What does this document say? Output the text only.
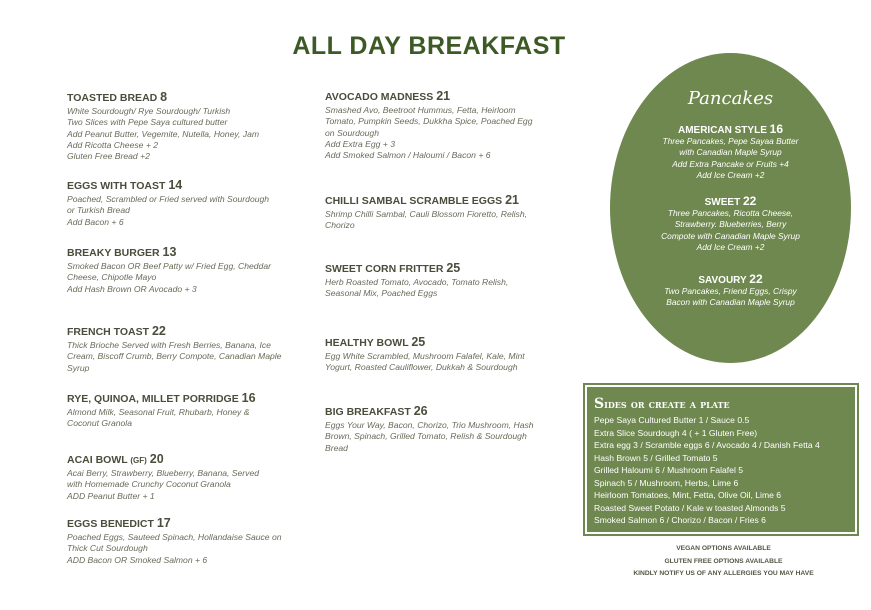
ALL DAY BREAKFAST
TOASTED BREAD 8
White Sourdough/ Rye Sourdough/ Turkish
Two Slices with Pepe Saya cultured butter
Add Peanut Butter, Vegemite, Nutella, Honey, Jam
Add Ricotta Cheese + 2
Gluten Free Bread +2
EGGS WITH TOAST 14
Poached, Scrambled or Fried served with Sourdough
or Turkish Bread
Add Bacon + 6
BREAKY BURGER 13
Smoked Bacon OR Beef Patty w/ Fried Egg, Cheddar
Cheese, Chipotle Mayo
Add Hash Brown OR Avocado + 3
FRENCH TOAST 22
Thick Brioche Served with Fresh Berries, Banana, Ice
Cream, Biscoff Crumb, Berry Compote, Canadian Maple
Syrup
RYE, QUINOA, MILLET PORRIDGE 16
Almond Milk, Seasonal Fruit, Rhubarb, Honey &
Coconut Granola
ACAI BOWL (GF) 20
Acai Berry, Strawberry, Blueberry, Banana, Served
with Homemade Crunchy Coconut Granola
ADD Peanut Butter + 1
EGGS BENEDICT 17
Poached Eggs, Sauteed Spinach, Hollandaise Sauce on
Thick Cut Sourdough
ADD Bacon OR Smoked Salmon + 6
AVOCADO MADNESS 21
Smashed Avo, Beetroot Hummus, Fetta, Heirloom
Tomato, Pumpkin Seeds, Dukkha Spice, Poached Egg
on Sourdough
Add Extra Egg + 3
Add Smoked Salmon / Haloumi / Bacon + 6
CHILLI SAMBAL SCRAMBLE EGGS 21
Shrimp Chilli Sambal, Cauli Blossom Fioretto, Relish,
Chorizo
SWEET CORN FRITTER 25
Herb Roasted Tomato, Avocado, Tomato Relish,
Seasonal Mix, Poached Eggs
HEALTHY BOWL 25
Egg White Scrambled, Mushroom Falafel, Kale, Mint
Yogurt, Roasted Cauliflower, Dukkah & Sourdough
BIG BREAKFAST 26
Eggs Your Way, Bacon, Chorizo, Trio Mushroom, Hash
Brown, Spinach, Grilled Tomato, Relish & Sourdough
Bread
Pancakes
AMERICAN STYLE 16
Three Pancakes, Pepe Sayaa Butter
with Canadian Maple Syrup
Add Extra Pancake or Fruits +4
Add Ice Cream +2
SWEET 22
Three Pancakes, Ricotta Cheese,
Strawberry. Blueberries, Berry
Compote with Canadian Maple Syrup
Add Ice Cream +2
SAVOURY 22
Two Pancakes, Friend Eggs, Crispy
Bacon with Canadian Maple Syrup
Sides or create a plate
Pepe Saya Cultured Butter 1 / Sauce 0.5
Extra Slice Sourdough 4 ( + 1 Gluten Free)
Extra egg 3 / Scramble eggs 6 / Avocado 4 / Danish Fetta 4
Hash Brown 5 / Grilled Tomato 5
Grilled Haloumi 6 / Mushroom Falafel 5
Spinach 5 / Mushroom, Herbs, Lime 6
Heirloom Tomatoes, Mint, Fetta, Olive Oil, Lime 6
Roasted Sweet Potato / Kale w toasted Almonds 5
Smoked Salmon 6 / Chorizo / Bacon / Fries 6
VEGAN OPTIONS AVAILABLE
GLUTEN FREE OPTIONS AVAILABLE
KINDLY NOTIFY US OF ANY ALLERGIES YOU MAY HAVE
